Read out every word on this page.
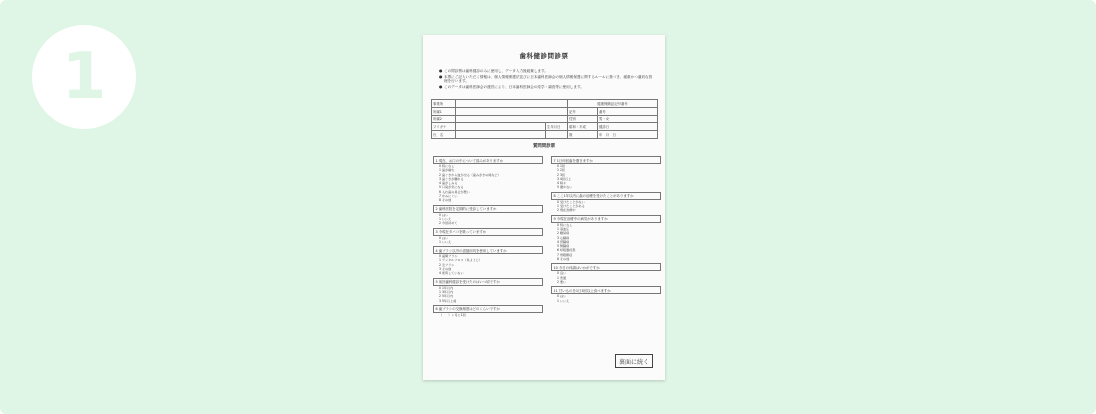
1	歯科健診問診票
● この問診票は歯科健診のみに使用し、データ入力後破棄します。
● 本票にご記入いただく情報は、個人情報保護法並びに日本歯科医師会の個人情報保護に関するルールに基づき、厳重かつ適切な管理を行います。
● このデータは歯科医師会の運営により、日本歯科医師会の疫学・調査等に使用します。
事業所			健康保険証記号番号	
所属1			記号	番号
所属2			性別	男・女
フリガナ		生年月日	昭和・平成	健診日
氏　名			歳	年　月　日
質問問診票
1 現在、お口の中について悩みがありますか
0 特になし
1 歯が痛む
2 歯ぐきから血が出る（歯みがきの時など）
3 歯ぐきが腫れる
4 歯がしみる
5 口臭が気になる
6 入れ歯の具合が悪い
7 かみにくい
8 その他
2 歯科医院を定期的に受診していますか
0 はい
1 いいえ
2 今回初めて
3 今現在タバコを吸っていますか
0 はい
1 いいえ
4 歯ブラシ以外の清掃用具を使用していますか
0 歯間ブラシ
1 デンタルフロス（糸ようじ）
2 舌ブラシ
3 その他
4 使用していない
5 前回歯科健診を受けたのはいつ頃ですか
0 1年以内
1 3年以内
2 5年以内
3 5年以上前
6 歯ブラシの交換頻度はどのくらいですか
（　　）ヶ月に1回
7 1日何回歯を磨きますか
0 1回
1 2回
2 3回
3 4回以上
4 時々
5 磨かない
8 ここ1年以内に歯の治療を受けたことがありますか
0 受けたことがない
1 受けたことがある
2 現在治療中
9 今現在治療中の病気がありますか
0 特になし
1 高血圧
2 糖尿病
3 心臓病
4 肝臓病
5 腎臓病
6 呼吸器疾患
7 骨粗鬆症
8 その他
10 今日の体調はいかがですか
0 良い
1 普通
2 悪い
11 甘いものを1日3回以上食べますか
0 はい
1 いいえ
裏面に続く
